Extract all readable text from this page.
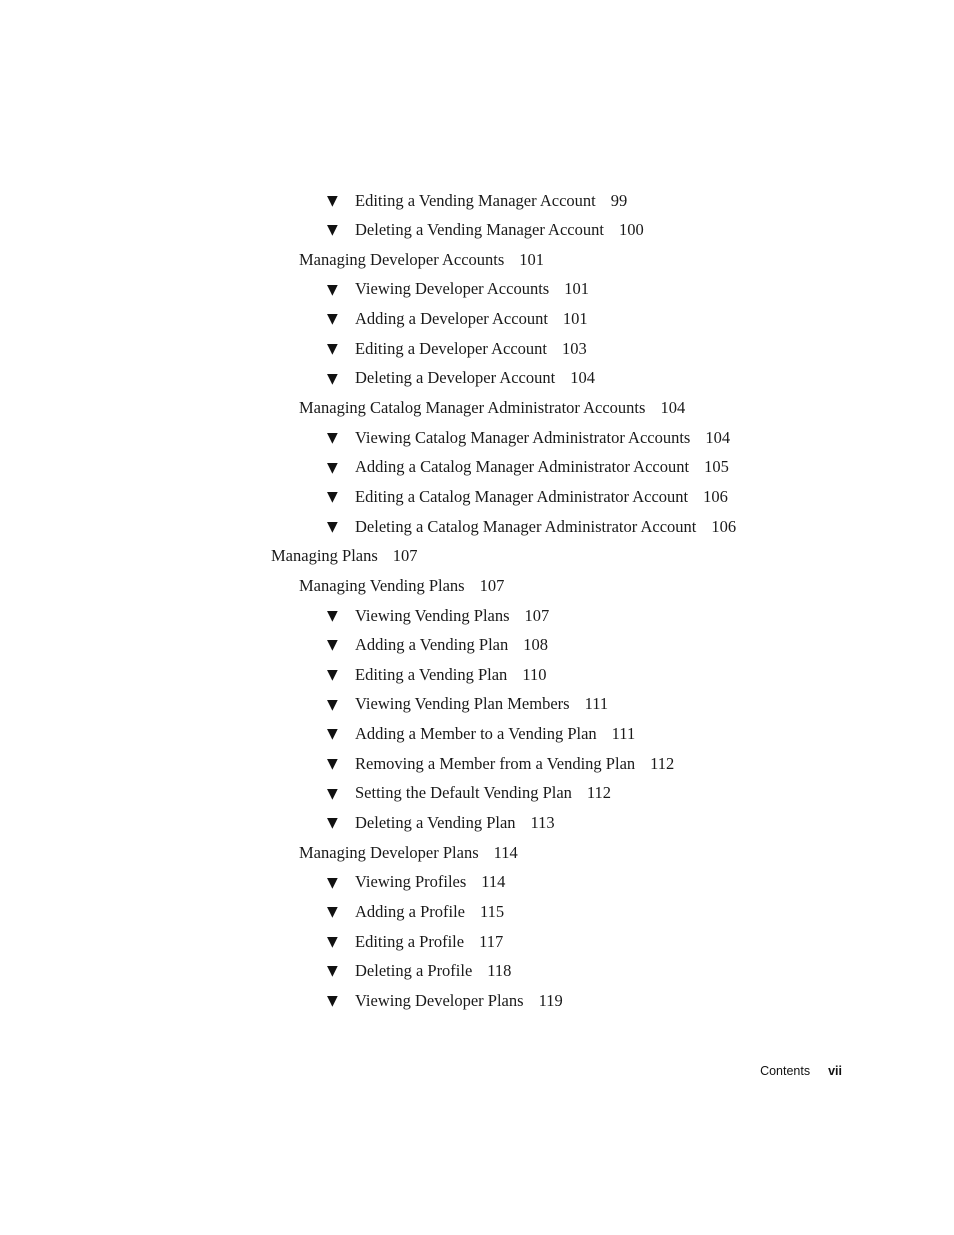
▼	Editing a Vending Manager Account 99
▼	Deleting a Vending Manager Account 100
Managing Developer Accounts 101
▼	Viewing Developer Accounts 101
▼	Adding a Developer Account 101
▼	Editing a Developer Account 103
▼	Deleting a Developer Account 104
Managing Catalog Manager Administrator Accounts 104
▼	Viewing Catalog Manager Administrator Accounts 104
▼	Adding a Catalog Manager Administrator Account 105
▼	Editing a Catalog Manager Administrator Account 106
▼	Deleting a Catalog Manager Administrator Account 106
Managing Plans 107
Managing Vending Plans 107
▼	Viewing Vending Plans 107
▼	Adding a Vending Plan 108
▼	Editing a Vending Plan 110
▼	Viewing Vending Plan Members 111
▼	Adding a Member to a Vending Plan 111
▼	Removing a Member from a Vending Plan 112
▼	Setting the Default Vending Plan 112
▼	Deleting a Vending Plan 113
Managing Developer Plans 114
▼	Viewing Profiles 114
▼	Adding a Profile 115
▼	Editing a Profile 117
▼	Deleting a Profile 118
▼	Viewing Developer Plans 119
Contents vii
